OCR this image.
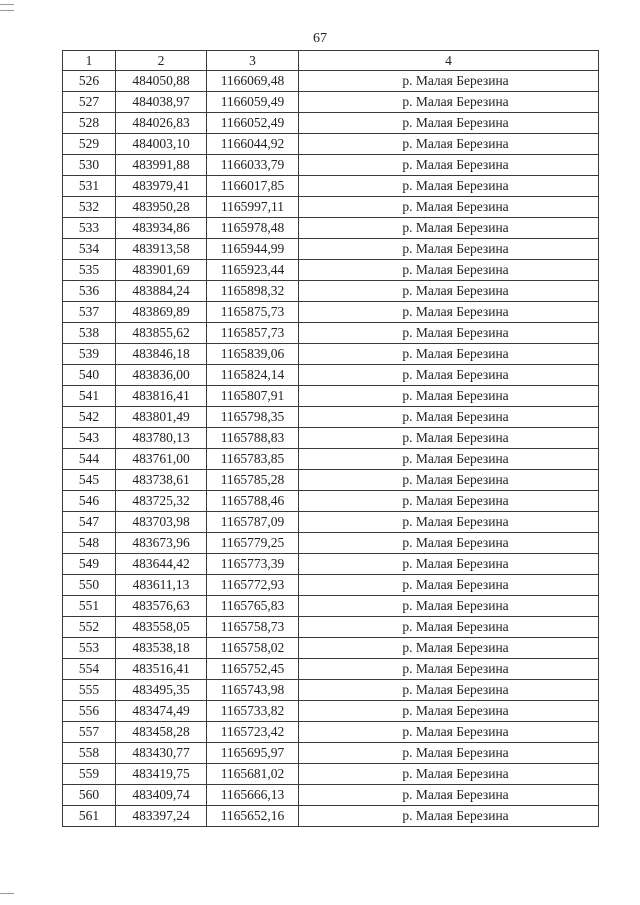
67
1	2	3	4
526	484050,88	1166069,48	р. Малая Березина
527	484038,97	1166059,49	р. Малая Березина
528	484026,83	1166052,49	р. Малая Березина
529	484003,10	1166044,92	р. Малая Березина
530	483991,88	1166033,79	р. Малая Березина
531	483979,41	1166017,85	р. Малая Березина
532	483950,28	1165997,11	р. Малая Березина
533	483934,86	1165978,48	р. Малая Березина
534	483913,58	1165944,99	р. Малая Березина
535	483901,69	1165923,44	р. Малая Березина
536	483884,24	1165898,32	р. Малая Березина
537	483869,89	1165875,73	р. Малая Березина
538	483855,62	1165857,73	р. Малая Березина
539	483846,18	1165839,06	р. Малая Березина
540	483836,00	1165824,14	р. Малая Березина
541	483816,41	1165807,91	р. Малая Березина
542	483801,49	1165798,35	р. Малая Березина
543	483780,13	1165788,83	р. Малая Березина
544	483761,00	1165783,85	р. Малая Березина
545	483738,61	1165785,28	р. Малая Березина
546	483725,32	1165788,46	р. Малая Березина
547	483703,98	1165787,09	р. Малая Березина
548	483673,96	1165779,25	р. Малая Березина
549	483644,42	1165773,39	р. Малая Березина
550	483611,13	1165772,93	р. Малая Березина
551	483576,63	1165765,83	р. Малая Березина
552	483558,05	1165758,73	р. Малая Березина
553	483538,18	1165758,02	р. Малая Березина
554	483516,41	1165752,45	р. Малая Березина
555	483495,35	1165743,98	р. Малая Березина
556	483474,49	1165733,82	р. Малая Березина
557	483458,28	1165723,42	р. Малая Березина
558	483430,77	1165695,97	р. Малая Березина
559	483419,75	1165681,02	р. Малая Березина
560	483409,74	1165666,13	р. Малая Березина
561	483397,24	1165652,16	р. Малая Березина
